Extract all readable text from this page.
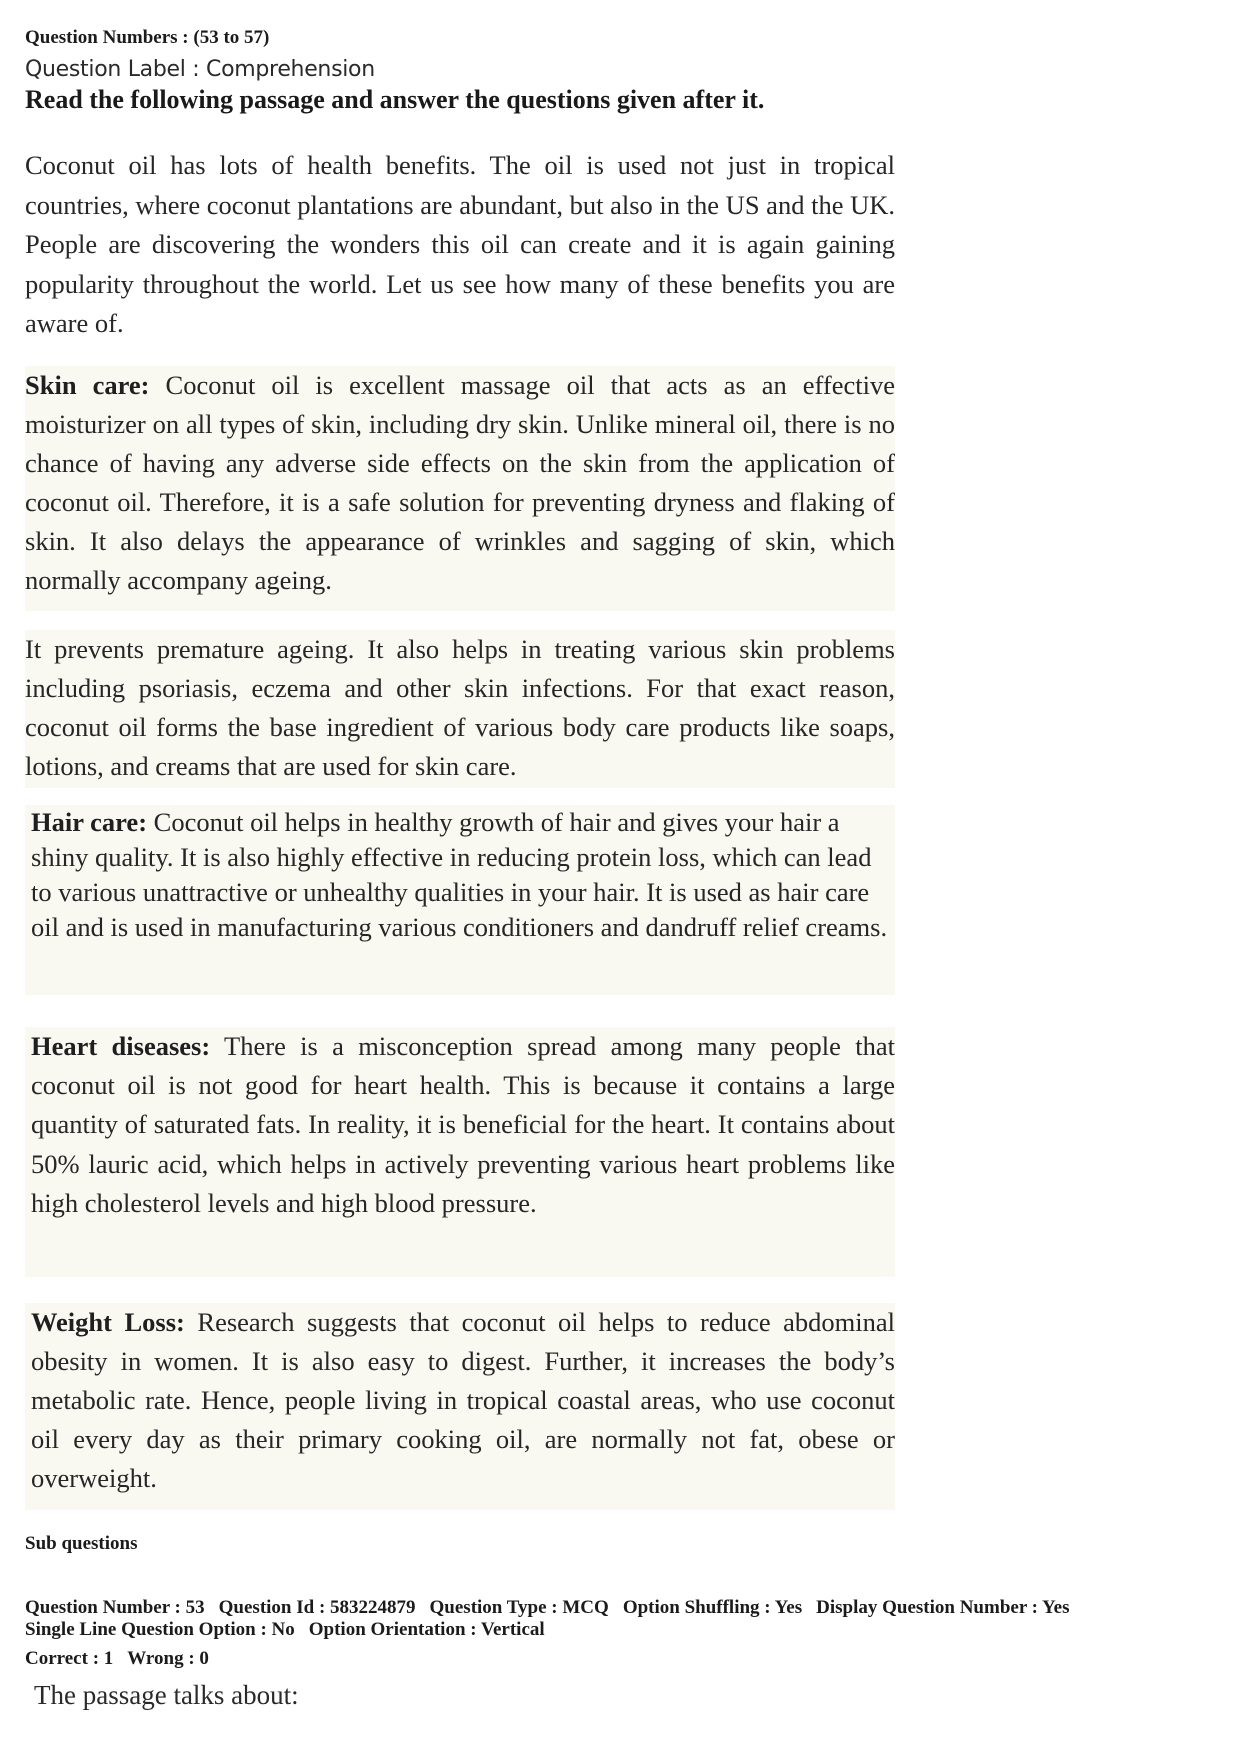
Question Numbers : (53 to 57)
Question Label : Comprehension

Read the following passage and answer the questions given after it.

Coconut oil has lots of health benefits. The oil is used not just in tropical countries, where coconut plantations are abundant, but also in the US and the UK. People are discovering the wonders this oil can create and it is again gaining popularity throughout the world. Let us see how many of these benefits you are aware of.

Skin care: Coconut oil is excellent massage oil that acts as an effective moisturizer on all types of skin, including dry skin. Unlike mineral oil, there is no chance of having any adverse side effects on the skin from the application of coconut oil. Therefore, it is a safe solution for preventing dryness and flaking of skin. It also delays the appearance of wrinkles and sagging of skin, which normally accompany ageing.

It prevents premature ageing. It also helps in treating various skin problems including psoriasis, eczema and other skin infections. For that exact reason, coconut oil forms the base ingredient of various body care products like soaps, lotions, and creams that are used for skin care.

Hair care: Coconut oil helps in healthy growth of hair and gives your hair a shiny quality. It is also highly effective in reducing protein loss, which can lead to various unattractive or unhealthy qualities in your hair. It is used as hair care oil and is used in manufacturing various conditioners and dandruff relief creams.

Heart diseases: There is a misconception spread among many people that coconut oil is not good for heart health. This is because it contains a large quantity of saturated fats. In reality, it is beneficial for the heart. It contains about 50% lauric acid, which helps in actively preventing various heart problems like high cholesterol levels and high blood pressure.

Weight Loss: Research suggests that coconut oil helps to reduce abdominal obesity in women. It is also easy to digest. Further, it increases the body’s metabolic rate. Hence, people living in tropical coastal areas, who use coconut oil every day as their primary cooking oil, are normally not fat, obese or overweight.

Sub questions
Question Number : 53 Question Id : 583224879 Question Type : MCQ Option Shuffling : Yes Display Question Number : Yes
Single Line Question Option : No Option Orientation : Vertical
Correct : 1 Wrong : 0
The passage talks about:
